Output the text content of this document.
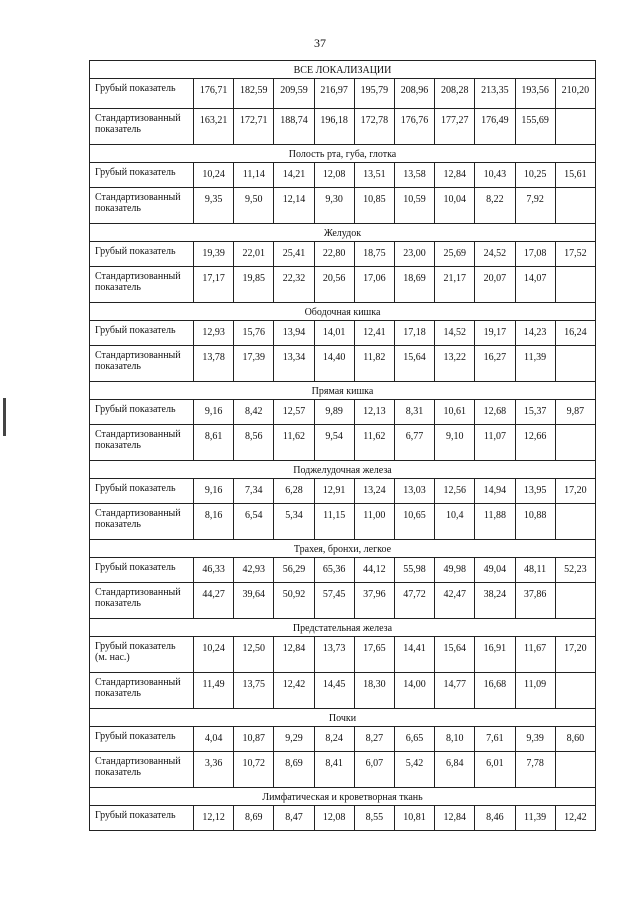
37
ВСЕ ЛОКАЛИЗАЦИИ										
Грубый показатель	176,71	182,59	209,59	216,97	195,79	208,96	208,28	213,35	193,56	210,20
Стандартизованный показатель	163,21	172,71	188,74	196,18	172,78	176,76	177,27	176,49	155,69	
Полость рта, губа, глотка										
Грубый показатель	10,24	11,14	14,21	12,08	13,51	13,58	12,84	10,43	10,25	15,61
Стандартизованный показатель	9,35	9,50	12,14	9,30	10,85	10,59	10,04	8,22	7,92	
Желудок										
Грубый показатель	19,39	22,01	25,41	22,80	18,75	23,00	25,69	24,52	17,08	17,52
Стандартизованный показатель	17,17	19,85	22,32	20,56	17,06	18,69	21,17	20,07	14,07	
Ободочная кишка										
Грубый показатель	12,93	15,76	13,94	14,01	12,41	17,18	14,52	19,17	14,23	16,24
Стандартизованный показатель	13,78	17,39	13,34	14,40	11,82	15,64	13,22	16,27	11,39	
Прямая кишка										
Грубый показатель	9,16	8,42	12,57	9,89	12,13	8,31	10,61	12,68	15,37	9,87
Стандартизованный показатель	8,61	8,56	11,62	9,54	11,62	6,77	9,10	11,07	12,66	
Поджелудочная железа										
Грубый показатель	9,16	7,34	6,28	12,91	13,24	13,03	12,56	14,94	13,95	17,20
Стандартизованный показатель	8,16	6,54	5,34	11,15	11,00	10,65	10,4	11,88	10,88	
Трахея, бронхи, легкое										
Грубый показатель	46,33	42,93	56,29	65,36	44,12	55,98	49,98	49,04	48,11	52,23
Стандартизованный показатель	44,27	39,64	50,92	57,45	37,96	47,72	42,47	38,24	37,86	
Предстательная железа										
Грубый показатель (м. нас.)	10,24	12,50	12,84	13,73	17,65	14,41	15,64	16,91	11,67	17,20
Стандартизованный показатель	11,49	13,75	12,42	14,45	18,30	14,00	14,77	16,68	11,09	
Почки										
Грубый показатель	4,04	10,87	9,29	8,24	8,27	6,65	8,10	7,61	9,39	8,60
Стандартизованный показатель	3,36	10,72	8,69	8,41	6,07	5,42	6,84	6,01	7,78	
Лимфатическая и кроветворная ткань										
Грубый показатель	12,12	8,69	8,47	12,08	8,55	10,81	12,84	8,46	11,39	12,42
